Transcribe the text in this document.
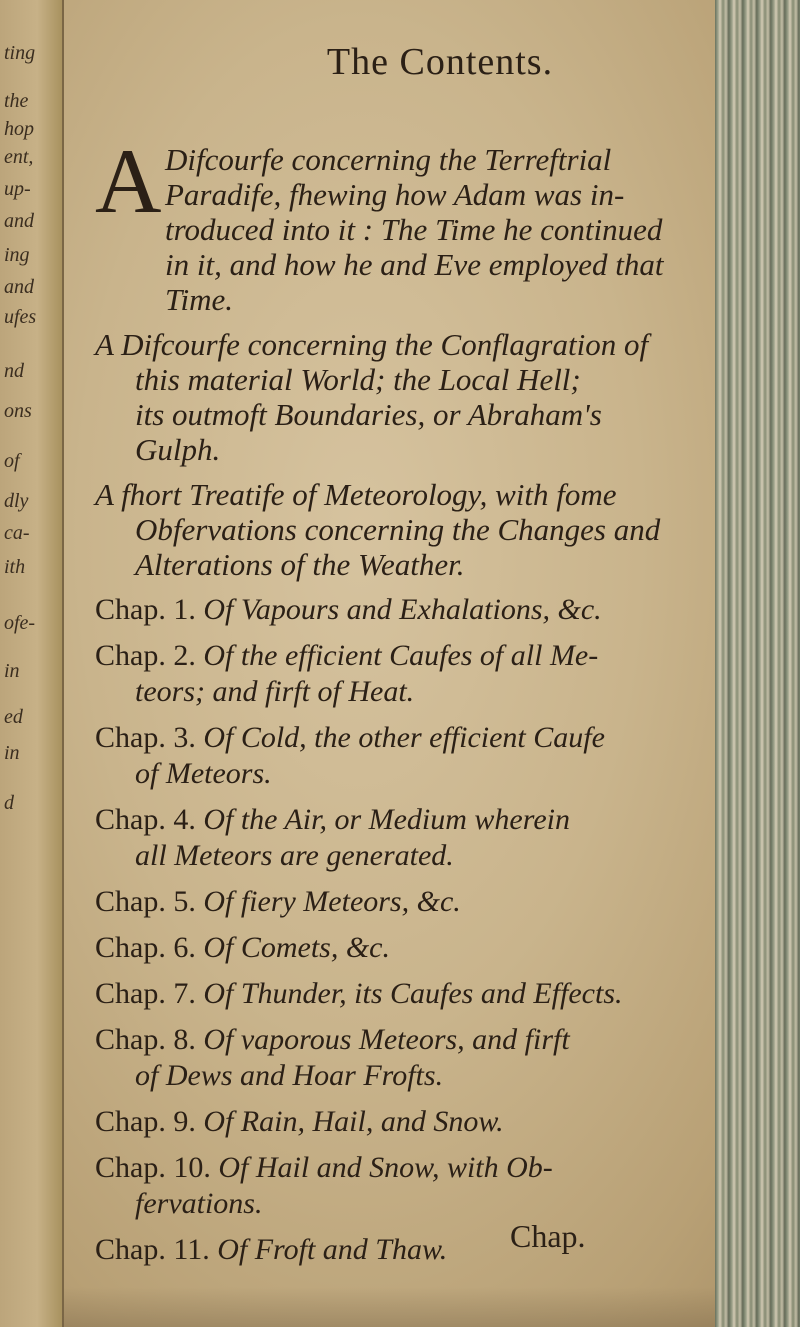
ting
the
hop
ent,
up-
and
ing
and
ufes
nd
ons
of
dly
ca-
ith
ofe-
in
ed
in
d
The Contents.
A Difcourfe concerning the Terreftrial
Paradife, fhewing how Adam was in-
troduced into it : The Time he continued
in it, and how he and Eve employed that
Time.
A Difcourfe concerning the Conflagration of
this material World; the Local Hell;
its outmoft Boundaries, or Abraham's
Gulph.
A fhort Treatife of Meteorology, with fome
Obfervations concerning the Changes and
Alterations of the Weather.
Chap. 1. Of Vapours and Exhalations, &c.
Chap. 2. Of the efficient Caufes of all Me-
teors; and firft of Heat.
Chap. 3. Of Cold, the other efficient Caufe
of Meteors.
Chap. 4. Of the Air, or Medium wherein
all Meteors are generated.
Chap. 5. Of fiery Meteors, &c.
Chap. 6. Of Comets, &c.
Chap. 7. Of Thunder, its Caufes and Effects.
Chap. 8. Of vaporous Meteors, and firft
of Dews and Hoar Frofts.
Chap. 9. Of Rain, Hail, and Snow.
Chap. 10. Of Hail and Snow, with Ob-
fervations.
Chap. 11. Of Froft and Thaw.	Chap.
